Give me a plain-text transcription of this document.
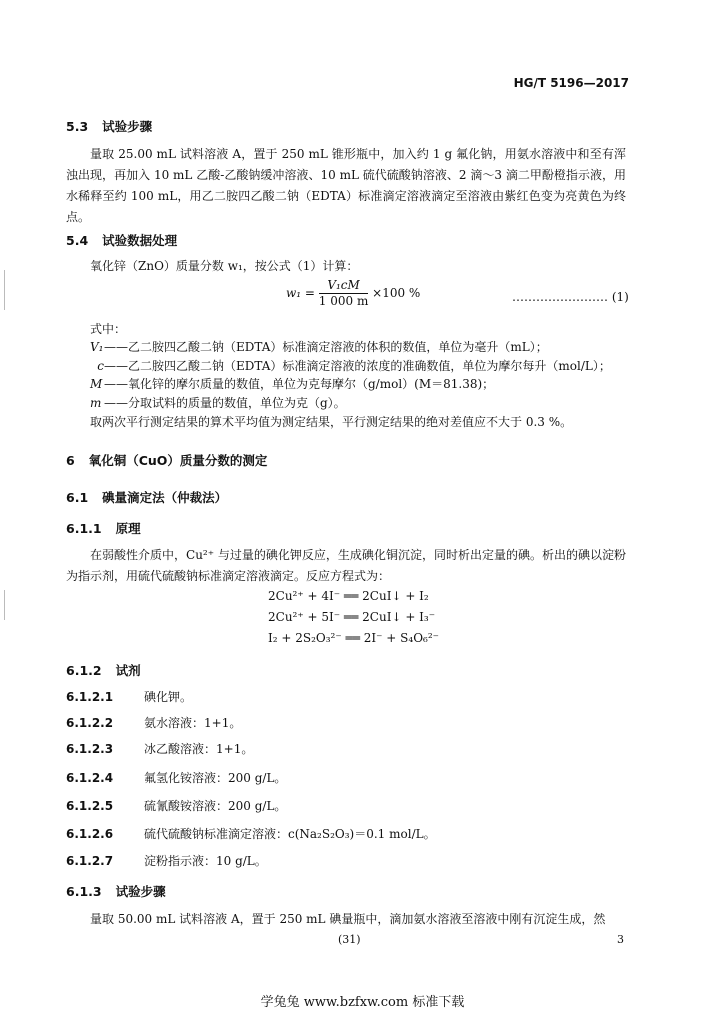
HG/T 5196—2017
5.3 试验步骤
量取 25.00 mL 试料溶液 A，置于 250 mL 锥形瓶中，加入约 1 g 氟化钠，用氨水溶液中和至有浑浊出现，再加入 10 mL 乙酸-乙酸钠缓冲溶液、10 mL 硫代硫酸钠溶液、2 滴～3 滴二甲酚橙指示液，用水稀释至约 100 mL，用乙二胺四乙酸二钠（EDTA）标准滴定溶液滴定至溶液由紫红色变为亮黄色为终点。
5.4 试验数据处理
氧化锌（ZnO）质量分数 w₁，按公式（1）计算：
$w_1 = \frac{\text{V₁cM}}{1 000 m} \times 100$ %	…………………… (1)
式中：
V₁——乙二胺四乙酸二钠（EDTA）标准滴定溶液的体积的数值，单位为毫升（mL）；
c——乙二胺四乙酸二钠（EDTA）标准滴定溶液的浓度的准确数值，单位为摩尔每升（mol/L）；
M ——氧化锌的摩尔质量的数值，单位为克每摩尔（g/mol）(M＝81.38)；
m ——分取试料的质量的数值，单位为克（g）。
取两次平行测定结果的算术平均值为测定结果，平行测定结果的绝对差值应不大于 0.3 %。
6 氧化铜（CuO）质量分数的测定
6.1 碘量滴定法（仲裁法）
6.1.1 原理
在弱酸性介质中，Cu²⁺ 与过量的碘化钾反应，生成碘化铜沉淀，同时析出定量的碘。析出的碘以淀粉为指示剂，用硫代硫酸钠标准滴定溶液滴定。反应方程式为：
2Cu²⁺ + 4I⁻ ══ 2CuI↓ + I₂
2Cu²⁺ + 5I⁻ ══ 2CuI↓ + I₃⁻
I₂ + 2S₂O₃²⁻ ══ 2I⁻ + S₄O₆²⁻
6.1.2 试剂
6.1.2.1	碘化钾。
6.1.2.2	氨水溶液：1+1。
6.1.2.3	冰乙酸溶液：1+1。
6.1.2.4	氟氢化铵溶液：200 g/L。
6.1.2.5	硫氰酸铵溶液：200 g/L。
6.1.2.6	硫代硫酸钠标准滴定溶液：c(Na₂S₂O₃)＝0.1 mol/L。
6.1.2.7	淀粉指示液：10 g/L。
6.1.3 试验步骤
量取 50.00 mL 试料溶液 A，置于 250 mL 碘量瓶中，滴加氨水溶液至溶液中刚有沉淀生成，然
(31)	3
学兔兔 www.bzfxw.com 标准下载
